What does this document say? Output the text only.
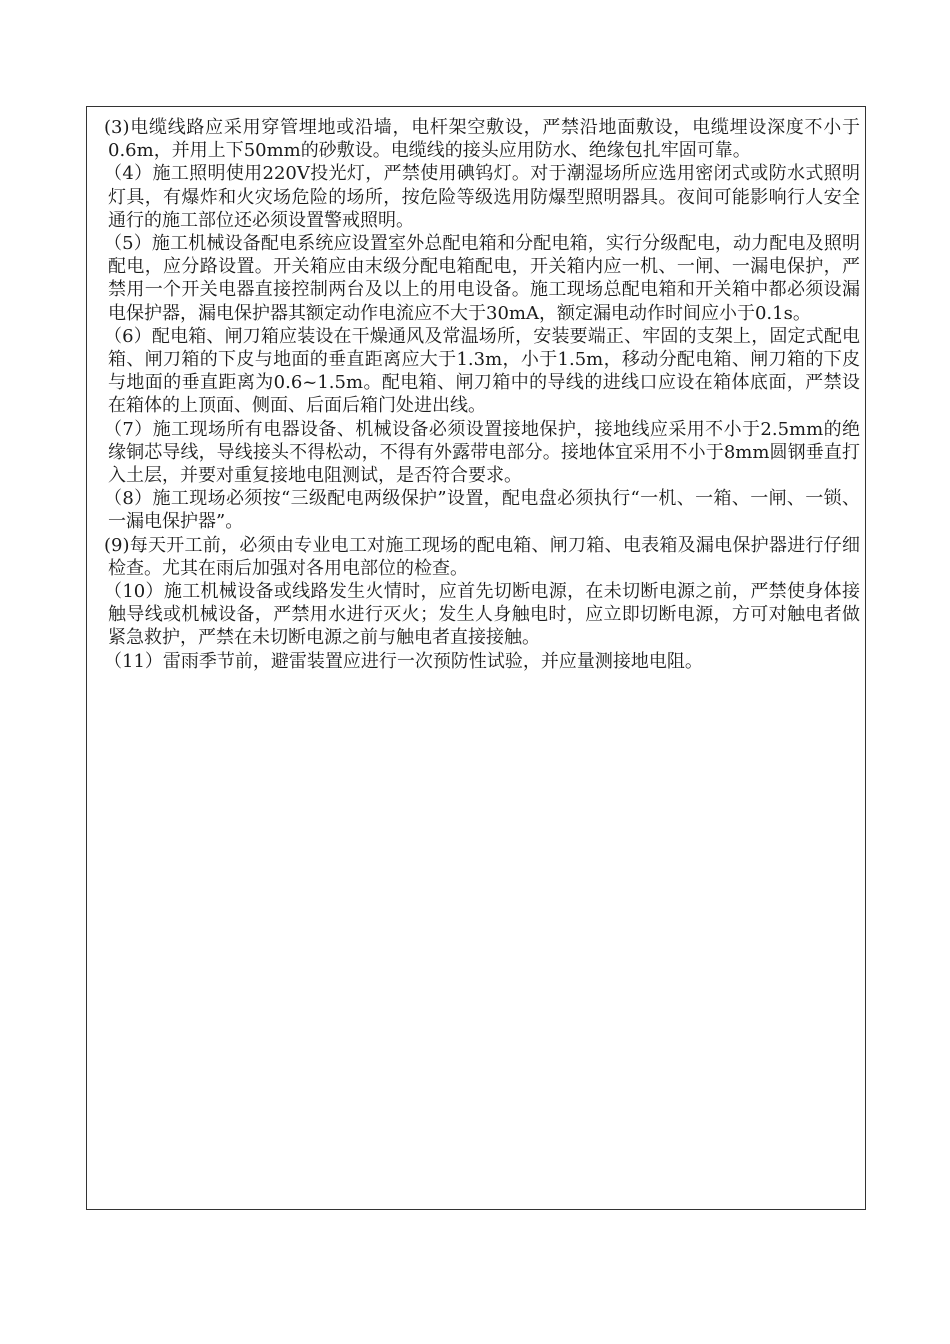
(3)电缆线路应采用穿管埋地或沿墙，电杆架空敷设，严禁沿地面敷设，电缆埋设深度不小于0.6m，并用上下50mm的砂敷设。电缆线的接头应用防水、绝缘包扎牢固可靠。

（4）施工照明使用220V投光灯，严禁使用碘钨灯。对于潮湿场所应选用密闭式或防水式照明灯具，有爆炸和火灾场危险的场所，按危险等级选用防爆型照明器具。夜间可能影响行人安全通行的施工部位还必须设置警戒照明。

（5）施工机械设备配电系统应设置室外总配电箱和分配电箱，实行分级配电，动力配电及照明配电，应分路设置。开关箱应由末级分配电箱配电，开关箱内应一机、一闸、一漏电保护，严禁用一个开关电器直接控制两台及以上的用电设备。施工现场总配电箱和开关箱中都必须设漏电保护器，漏电保护器其额定动作电流应不大于30mA，额定漏电动作时间应小于0.1s。

（6）配电箱、闸刀箱应装设在干燥通风及常温场所，安装要端正、牢固的支架上，固定式配电箱、闸刀箱的下皮与地面的垂直距离应大于1.3m，小于1.5m，移动分配电箱、闸刀箱的下皮与地面的垂直距离为0.6~1.5m。配电箱、闸刀箱中的导线的进线口应设在箱体底面，严禁设在箱体的上顶面、侧面、后面后箱门处进出线。

（7）施工现场所有电器设备、机械设备必须设置接地保护，接地线应采用不小于2.5mm的绝缘铜芯导线，导线接头不得松动，不得有外露带电部分。接地体宜采用不小于8mm圆钢垂直打入土层，并要对重复接地电阻测试，是否符合要求。

（8）施工现场必须按“三级配电两级保护”设置，配电盘必须执行“一机、一箱、一闸、一锁、一漏电保护器”。

(9)每天开工前，必须由专业电工对施工现场的配电箱、闸刀箱、电表箱及漏电保护器进行仔细检查。尤其在雨后加强对各用电部位的检查。

（10）施工机械设备或线路发生火情时，应首先切断电源，在未切断电源之前，严禁使身体接触导线或机械设备，严禁用水进行灭火；发生人身触电时，应立即切断电源，方可对触电者做紧急救护，严禁在未切断电源之前与触电者直接接触。

（11）雷雨季节前，避雷装置应进行一次预防性试验，并应量测接地电阻。
